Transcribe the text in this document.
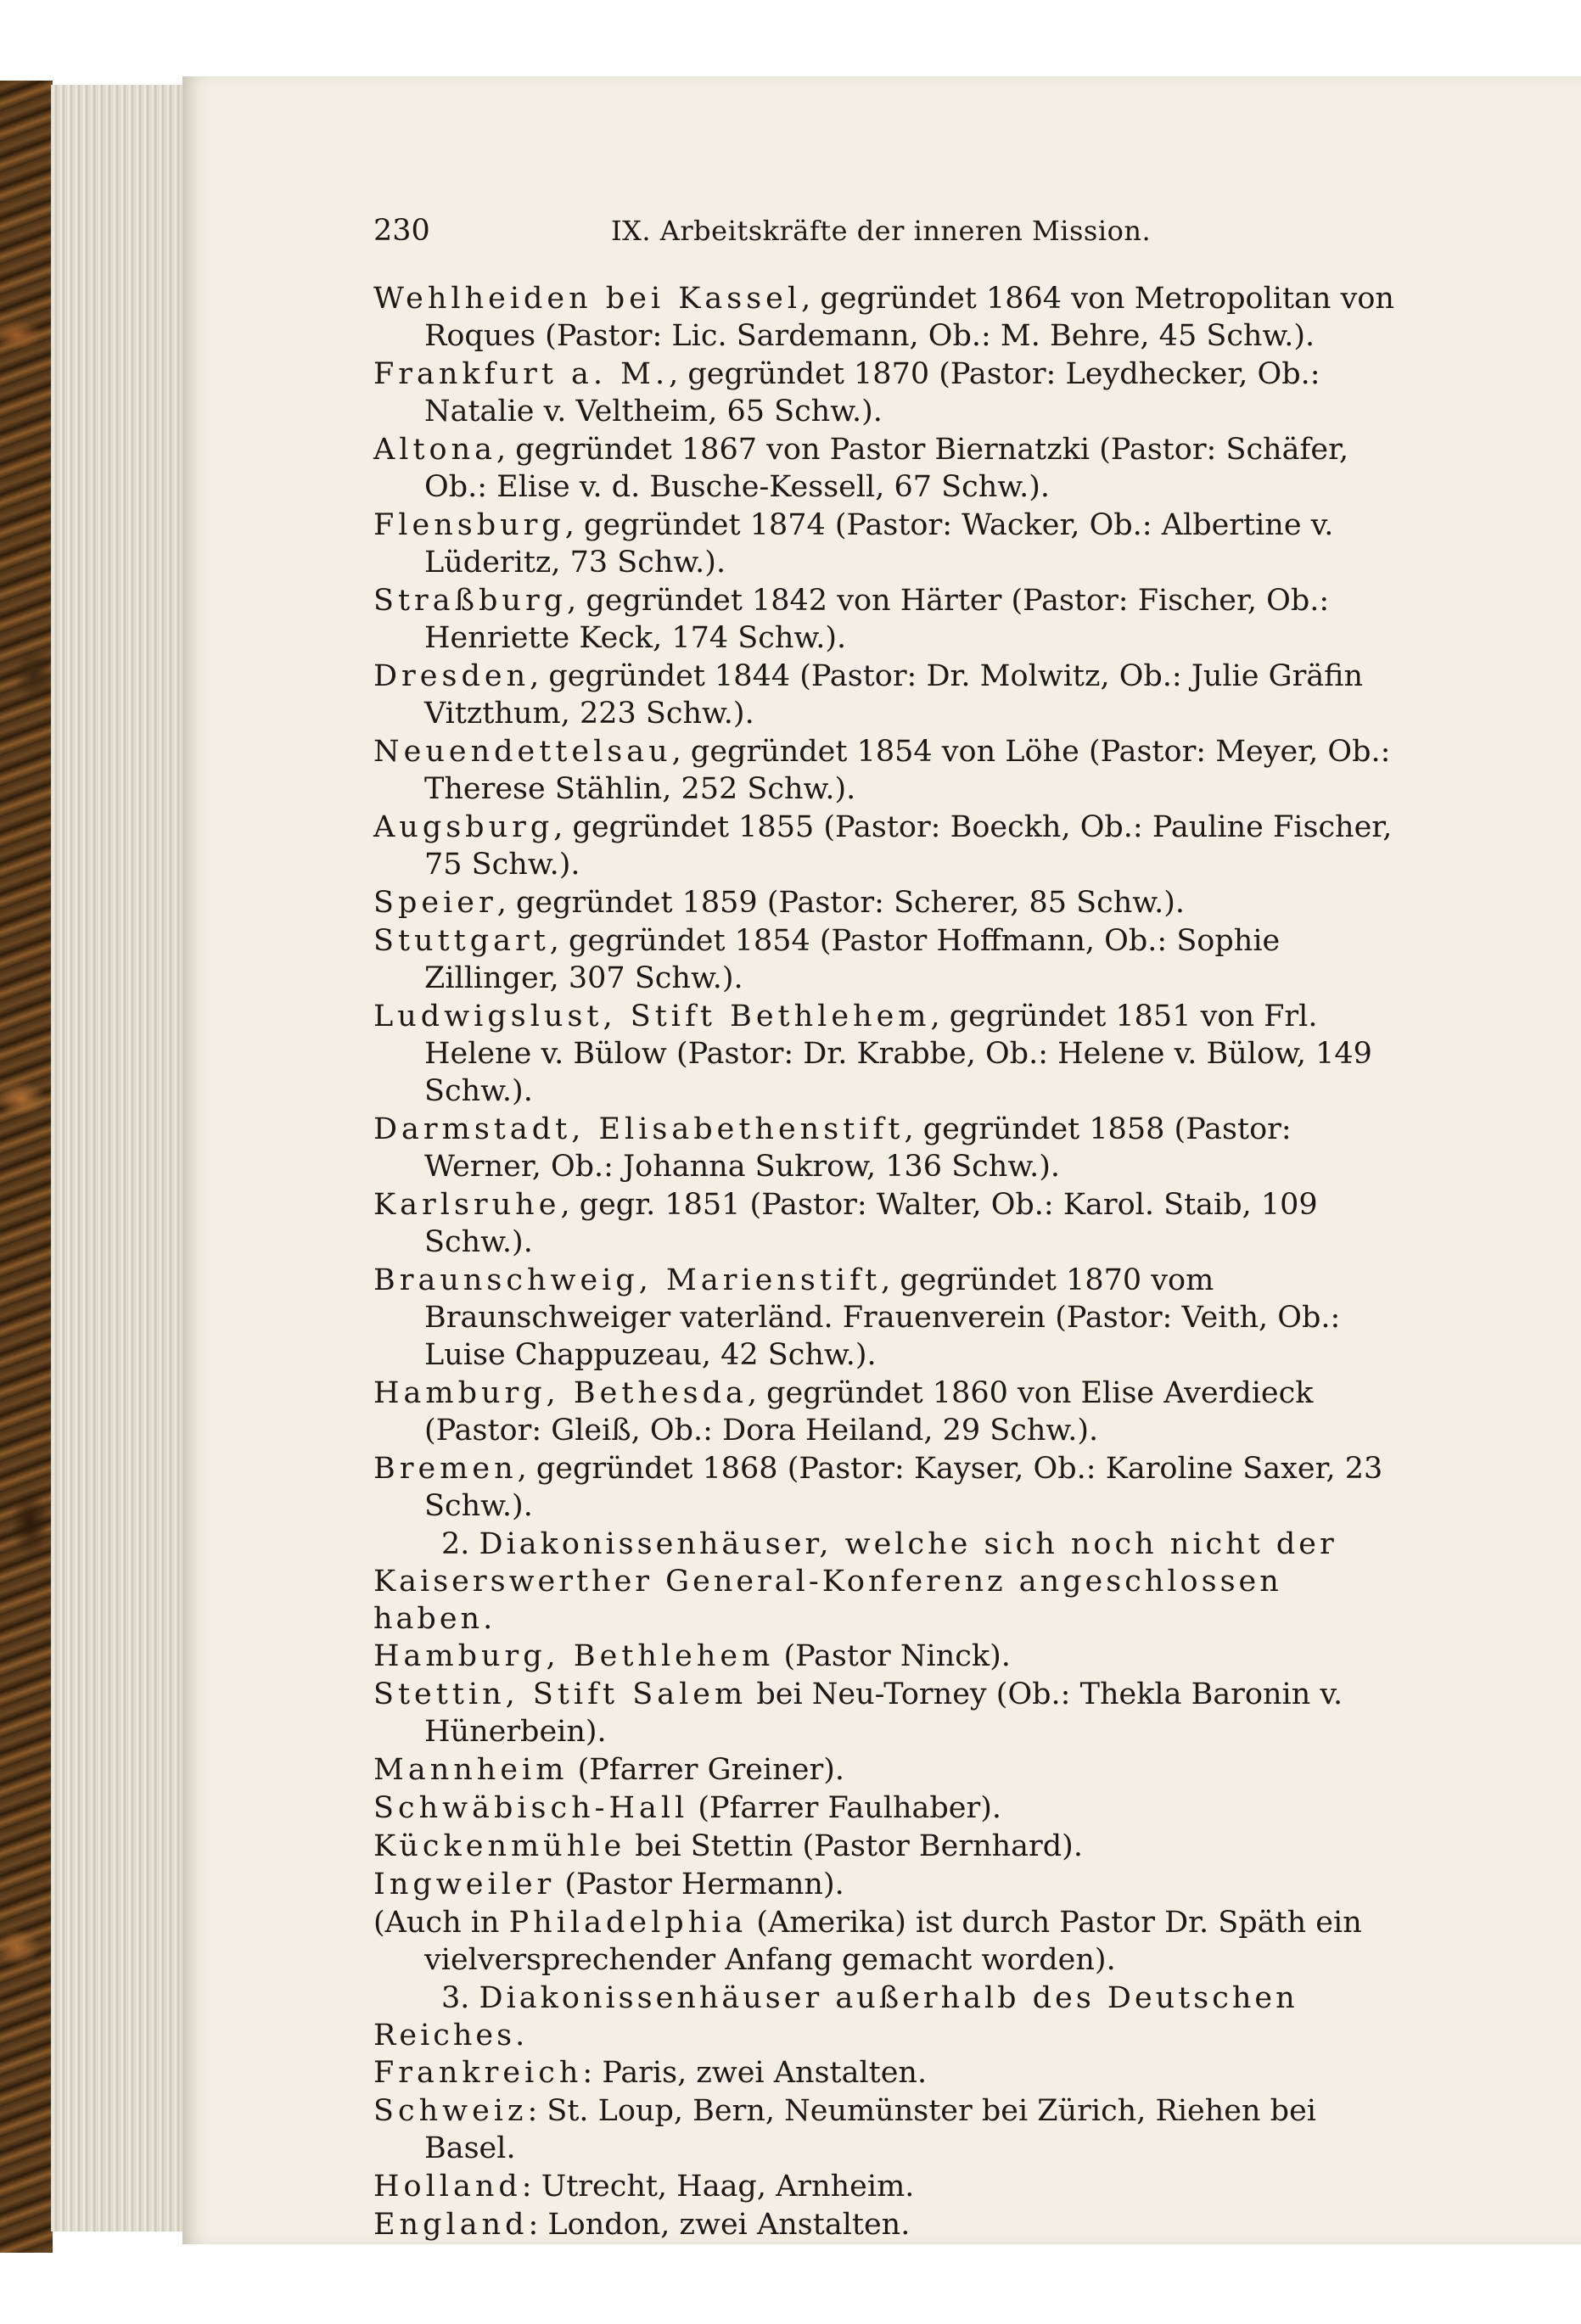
230	IX. Arbeitskräfte der inneren Mission.

Wehlheiden bei Kassel, gegründet 1864 von Metropolitan von Roques (Pastor: Lic. Sardemann, Ob.: M. Behre, 45 Schw.).

Frankfurt a. M., gegründet 1870 (Pastor: Leydhecker, Ob.: Natalie v. Veltheim, 65 Schw.).

Altona, gegründet 1867 von Pastor Biernatzki (Pastor: Schäfer, Ob.: Elise v. d. Busche-Kessell, 67 Schw.).

Flensburg, gegründet 1874 (Pastor: Wacker, Ob.: Albertine v. Lüderitz, 73 Schw.).

Straßburg, gegründet 1842 von Härter (Pastor: Fischer, Ob.: Henriette Keck, 174 Schw.).

Dresden, gegründet 1844 (Pastor: Dr. Molwitz, Ob.: Julie Gräfin Vitzthum, 223 Schw.).

Neuendettelsau, gegründet 1854 von Löhe (Pastor: Meyer, Ob.: Therese Stählin, 252 Schw.).

Augsburg, gegründet 1855 (Pastor: Boeckh, Ob.: Pauline Fischer, 75 Schw.).

Speier, gegründet 1859 (Pastor: Scherer, 85 Schw.).

Stuttgart, gegründet 1854 (Pastor Hoffmann, Ob.: Sophie Zillinger, 307 Schw.).

Ludwigslust, Stift Bethlehem, gegründet 1851 von Frl. Helene v. Bülow (Pastor: Dr. Krabbe, Ob.: Helene v. Bülow, 149 Schw.).

Darmstadt, Elisabethenstift, gegründet 1858 (Pastor: Werner, Ob.: Johanna Sukrow, 136 Schw.).

Karlsruhe, gegr. 1851 (Pastor: Walter, Ob.: Karol. Staib, 109 Schw.).

Braunschweig, Marienstift, gegründet 1870 vom Braunschweiger vaterländ. Frauenverein (Pastor: Veith, Ob.: Luise Chappuzeau, 42 Schw.).

Hamburg, Bethesda, gegründet 1860 von Elise Averdieck (Pastor: Gleiß, Ob.: Dora Heiland, 29 Schw.).

Bremen, gegründet 1868 (Pastor: Kayser, Ob.: Karoline Saxer, 23 Schw.).

2. Diakonissenhäuser, welche sich noch nicht der Kaiserswerther General-Konferenz angeschlossen haben.

Hamburg, Bethlehem (Pastor Ninck).

Stettin, Stift Salem bei Neu-Torney (Ob.: Thekla Baronin v. Hünerbein).

Mannheim (Pfarrer Greiner).

Schwäbisch-Hall (Pfarrer Faulhaber).

Kückenmühle bei Stettin (Pastor Bernhard).

Ingweiler (Pastor Hermann).

(Auch in Philadelphia (Amerika) ist durch Pastor Dr. Späth ein vielversprechender Anfang gemacht worden).

3. Diakonissenhäuser außerhalb des Deutschen Reiches.

Frankreich: Paris, zwei Anstalten.

Schweiz: St. Loup, Bern, Neumünster bei Zürich, Riehen bei Basel.

Holland: Utrecht, Haag, Arnheim.

England: London, zwei Anstalten.
